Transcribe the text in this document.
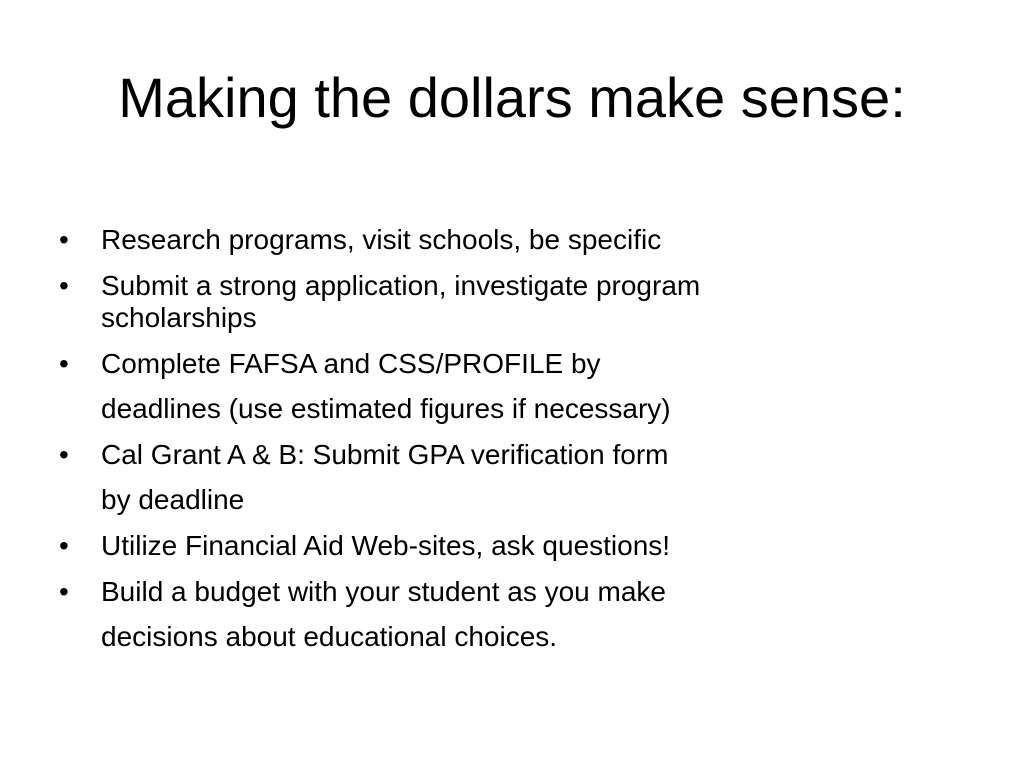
Making the dollars make sense:
• Research programs, visit schools, be specific
• Submit a strong application, investigate program
scholarships
• Complete FAFSA and CSS/PROFILE by
deadlines (use estimated figures if necessary)
• Cal Grant A & B: Submit GPA verification form
by deadline
• Utilize Financial Aid Web-sites, ask questions!
• Build a budget with your student as you make
decisions about educational choices.
